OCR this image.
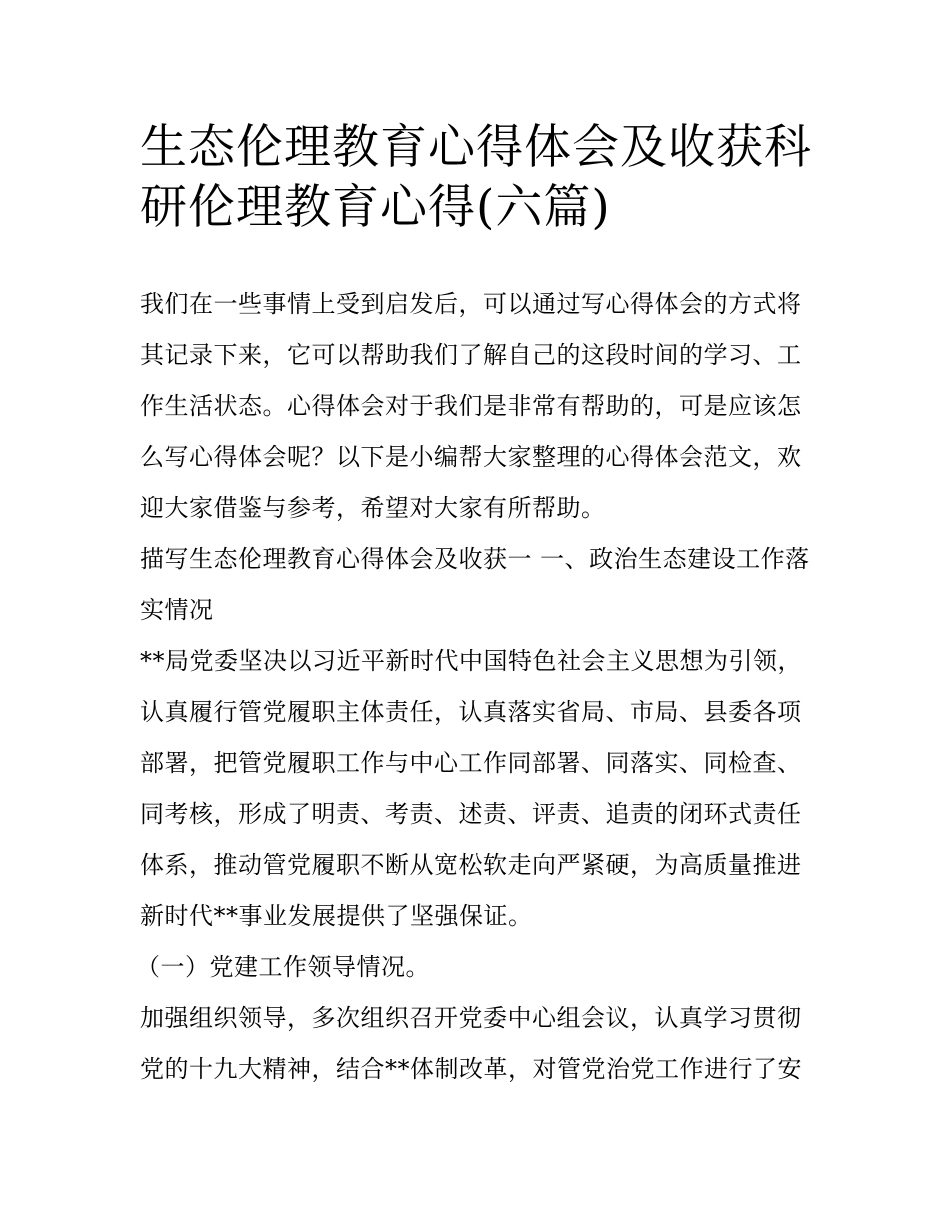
生态伦理教育心得体会及收获科研伦理教育心得(六篇)

我们在一些事情上受到启发后，可以通过写心得体会的方式将其记录下来，它可以帮助我们了解自己的这段时间的学习、工作生活状态。心得体会对于我们是非常有帮助的，可是应该怎么写心得体会呢？以下是小编帮大家整理的心得体会范文，欢迎大家借鉴与参考，希望对大家有所帮助。

描写生态伦理教育心得体会及收获一 一、政治生态建设工作落实情况

**局党委坚决以习近平新时代中国特色社会主义思想为引领，认真履行管党履职主体责任，认真落实省局、市局、县委各项部署，把管党履职工作与中心工作同部署、同落实、同检查、同考核，形成了明责、考责、述责、评责、追责的闭环式责任体系，推动管党履职不断从宽松软走向严紧硬，为高质量推进新时代**事业发展提供了坚强保证。

（一）党建工作领导情况。

加强组织领导，多次组织召开党委中心组会议，认真学习贯彻党的十九大精神，结合**体制改革，对管党治党工作进行了安
